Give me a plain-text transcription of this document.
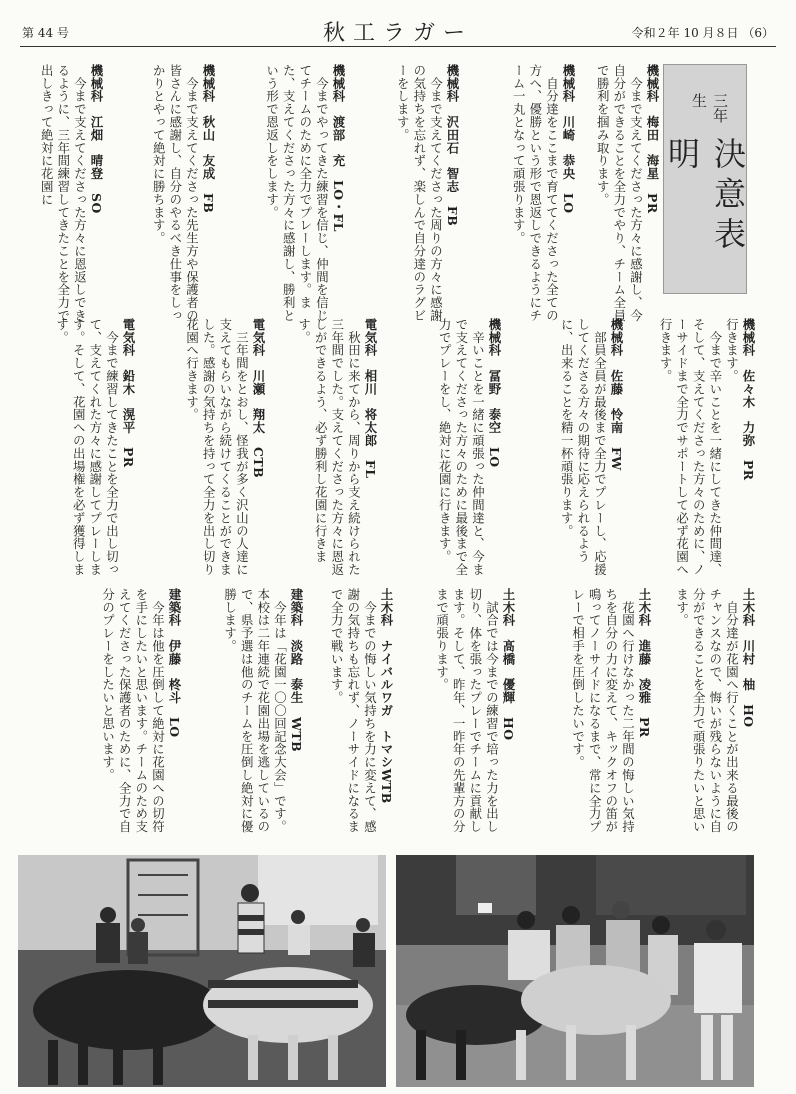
第 44 号	秋工ラガー	令和２年 10 月８日 （6）
三年生
決意表明
機械科　梅田　海星　PR
　今まで支えてくださった方々に感謝し、今自分ができることを全力でやり、チーム全員で勝利を掴み取ります。
機械科　川崎　恭央　LO
　自分達をここまで育ててくださった全ての方へ、優勝という形で恩返しできるようにチーム一丸となって頑張ります。
機械科　沢田石　智志　FB
　今まで支えてくださった周りの方々に感謝の気持ちを忘れず、楽しんで自分達のラグビーをします。
機械科　渡部　充　LO・FL
　今までやってきた練習を信じ、仲間を信じてチームのために全力でプレーします。また、支えてくださった方々に感謝し、勝利という形で恩返しをします。
機械科　秋山　友成　FB
　今まで支えてくださった先生方や保護者の皆さんに感謝し、自分のやるべき仕事をしっかりとやって絶対に勝ちます。
機械科　江畑　晴登　SO
　今まで支えてくださった方々に恩返しできるように、三年間練習してきたことを全力で出しきって絶対に花園に
機械科　佐々木　力弥　PR
行きます。
　今まで辛いことを一緒にしてきた仲間達、そして、支えてくださった方々のために、ノーサイドまで全力でサポートして必ず花園へ行きます。
機械科　佐藤　怜南　FW
　部員全員が最後まで全力でプレーし、応援してくださる方々の期待に応えられるように、出来ることを精一杯頑張ります。
機械科　冨野　泰空　LO
　辛いことを一緒に頑張った仲間達と、今まで支えてくださった方々のために最後まで全力でプレーをし、絶対に花園に行きます。
電気科　相川　将太郎　FL
　秋田に来てから、周りから支え続けられた三年間でした。支えてくださった方々に恩返しができるよう、必ず勝利し花園に行きます。
電気科　川瀬　翔太　CTB
　三年間をとおし、怪我が多く沢山の人達に支えてもらいながら続けてくることができました。感謝の気持ちを持って全力を出し切り花園へ行きます。
電気科　鉛木　滉平　PR
　今まで練習してきたことを全力で出し切って、支えてくれた方々に感謝してプレーします。そして、花園への出場権を必ず獲得します。
土木科　川村　柚　HO
　自分達が花園へ行くことが出来る最後のチャンスなので、悔いが残らないように自分ができることを全力で頑張りたいと思います。
土木科　進藤　凌雅　PR
　花園へ行けなかった二年間の悔しい気持ちを自分の力に変えて、キックオフの笛が鳴ってノーサイドになるまで、常に全力プレーで相手を圧倒したいです。
土木科　髙橋　優輝　HO
　試合では今までの練習で培った力を出し切り、体を張ったプレーでチームに貢献します。そして、昨年、一昨年の先輩方の分まで頑張ります。
土木科　ナイバルワガ　トマシWTB
　今までの悔しい気持ちを力に変えて、感謝の気持ちも忘れず、ノーサイドになるまで全力で戦います。
建築科　淡路　泰生　WTB
　今年は「花園一〇〇回記念大会」です。本校は二年連続で花園出場を逃しているので、県予選は他のチームを圧倒し絶対に優勝します。
建築科　伊藤　柊斗　LO
　今年は他を圧倒して絶対に花園への切符を手にしたいと思います。チームのため支えてくださった保護者のために、全力で自分のプレーをしたいと思います。
